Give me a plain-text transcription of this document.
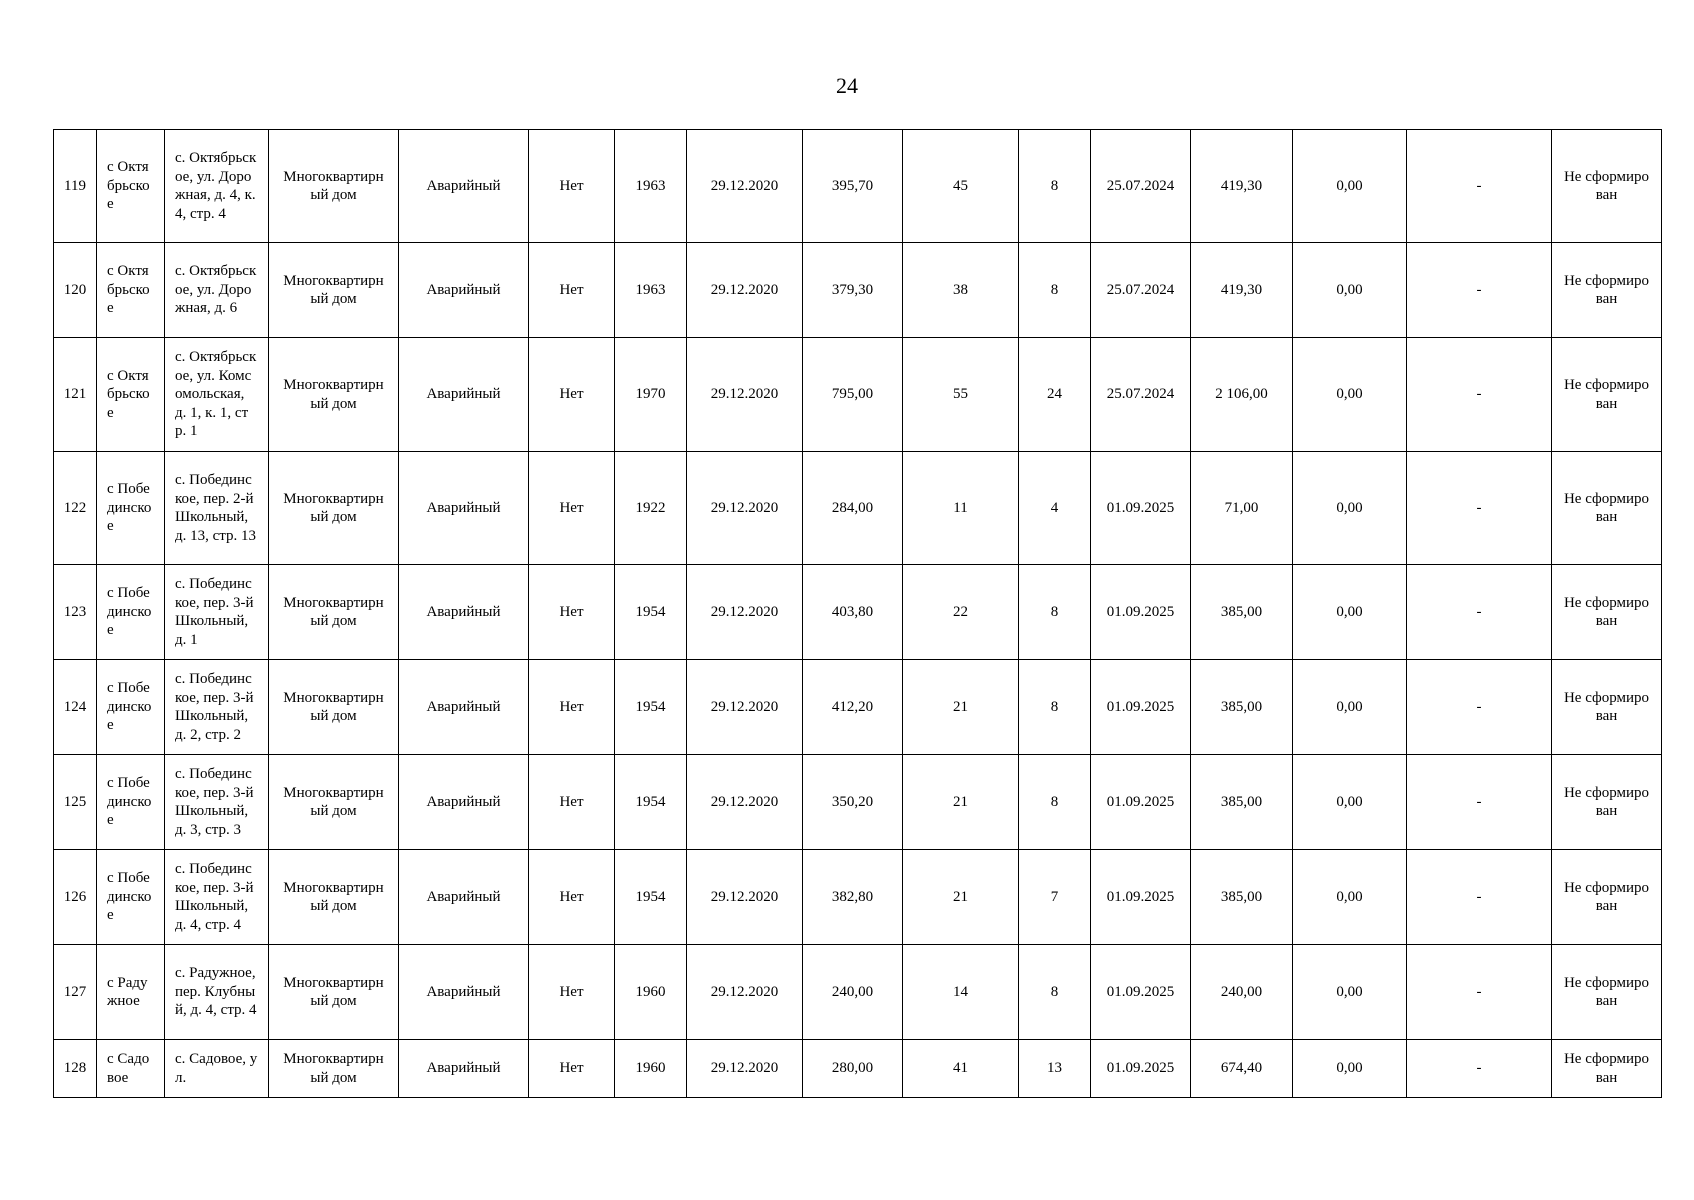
24
119	с Октябрьское	с. Октябрьское, ул. Дорожная, д. 4, к. 4, стр. 4	Многоквартирный дом	Аварийный	Нет	1963	29.12.2020	395,70	45	8	25.07.2024	419,30	0,00	-	Не сформирован

120	с Октябрьское	с. Октябрьское, ул. Дорожная, д. 6	Многоквартирный дом	Аварийный	Нет	1963	29.12.2020	379,30	38	8	25.07.2024	419,30	0,00	-	Не сформирован

121	с Октябрьское	с. Октябрьское, ул. Комсомольская, д. 1, к. 1, стр. 1	Многоквартирный дом	Аварийный	Нет	1970	29.12.2020	795,00	55	24	25.07.2024	2 106,00	0,00	-	Не сформирован

122	с Побединское	с. Побединское, пер. 2-й Школьный, д. 13, стр. 13	Многоквартирный дом	Аварийный	Нет	1922	29.12.2020	284,00	11	4	01.09.2025	71,00	0,00	-	Не сформирован

123	с Побединское	с. Побединское, пер. 3-й Школьный, д. 1	Многоквартирный дом	Аварийный	Нет	1954	29.12.2020	403,80	22	8	01.09.2025	385,00	0,00	-	Не сформирован

124	с Побединское	с. Побединское, пер. 3-й Школьный, д. 2, стр. 2	Многоквартирный дом	Аварийный	Нет	1954	29.12.2020	412,20	21	8	01.09.2025	385,00	0,00	-	Не сформирован

125	с Побединское	с. Побединское, пер. 3-й Школьный, д. 3, стр. 3	Многоквартирный дом	Аварийный	Нет	1954	29.12.2020	350,20	21	8	01.09.2025	385,00	0,00	-	Не сформирован

126	с Побединское	с. Побединское, пер. 3-й Школьный, д. 4, стр. 4	Многоквартирный дом	Аварийный	Нет	1954	29.12.2020	382,80	21	7	01.09.2025	385,00	0,00	-	Не сформирован

127	с Радужное	с. Радужное, пер. Клубный, д. 4, стр. 4	Многоквартирный дом	Аварийный	Нет	1960	29.12.2020	240,00	14	8	01.09.2025	240,00	0,00	-	Не сформирован

128	с Садовое	с. Садовое, ул.	Многоквартирный дом	Аварийный	Нет	1960	29.12.2020	280,00	41	13	01.09.2025	674,40	0,00	-	Не сформирован
